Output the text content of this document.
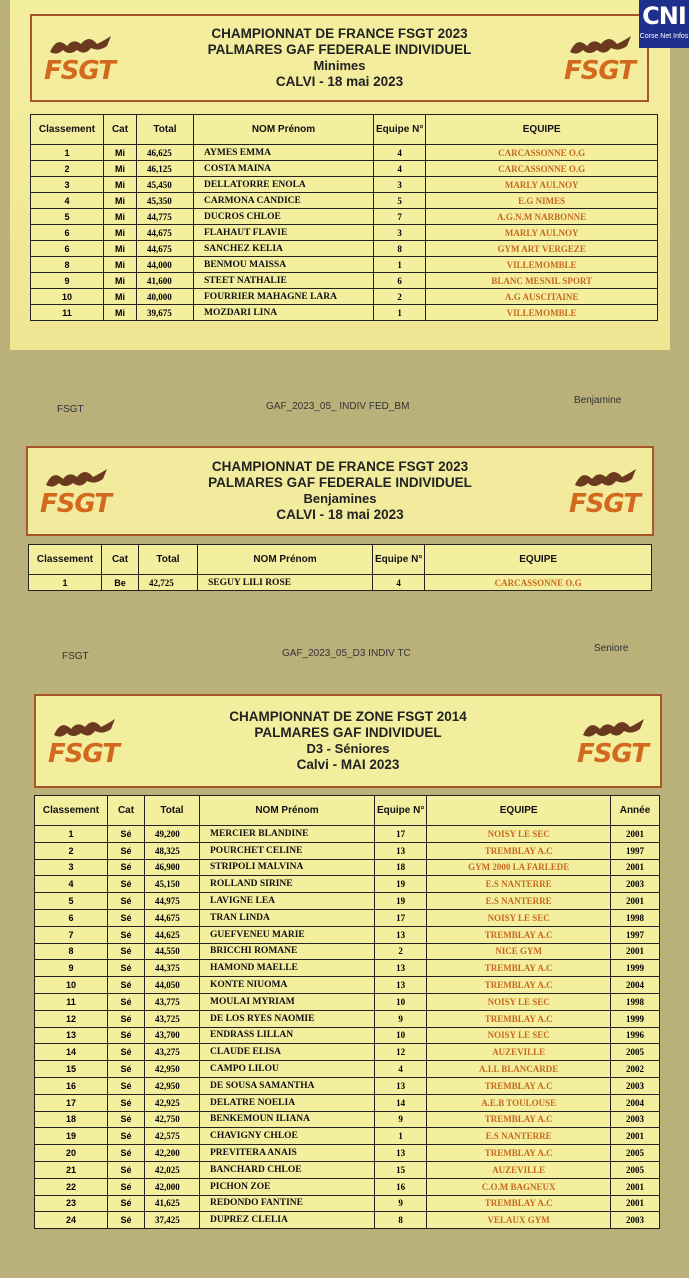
FSGT
CHAMPIONNAT DE FRANCE FSGT 2023
PALMARES GAF FEDERALE INDIVIDUEL
Minimes
CALVI - 18 mai 2023	FSGT
Classement	Cat	Total	NOM Prénom	Equipe N°	EQUIPE
1	Mi	46,625	AYMES EMMA	4	CARCASSONNE O.G
2	Mi	46,125	COSTA MAINA	4	CARCASSONNE O.G
3	Mi	45,450	DELLATORRE ENOLA	3	MARLY AULNOY
4	Mi	45,350	CARMONA CANDICE	5	E.G NIMES
5	Mi	44,775	DUCROS CHLOE	7	A.G.N.M NARBONNE
6	Mi	44,675	FLAHAUT FLAVIE	3	MARLY AULNOY
6	Mi	44,675	SANCHEZ KELIA	8	GYM ART VERGEZE
8	Mi	44,000	BENMOU MAISSA	1	VILLEMOMBLE
9	Mi	41,600	STEET NATHALIE	6	BLANC MESNIL SPORT
10	Mi	40,000	FOURRIER MAHAGNE LARA	2	A.G AUSCITAINE
11	Mi	39,675	MOZDARI LINA	1	VILLEMOMBLE
FSGT	GAF_2023_05_ INDIV FED_BM
Benjamine
FSGT
CHAMPIONNAT DE FRANCE FSGT 2023
PALMARES GAF FEDERALE INDIVIDUEL
Benjamines
CALVI - 18 mai 2023	FSGT
Classement	Cat	Total	NOM Prénom	Equipe N°	EQUIPE
1	Be	42,725	SEGUY LILI ROSE	4	CARCASSONNE O.G
FSGT	GAF_2023_05_D3 INDIV TC	Seniore
FSGT
CHAMPIONNAT DE ZONE FSGT 2014
PALMARES GAF INDIVIDUEL
D3 - Séniores
Calvi - MAI 2023	FSGT
Classement	Cat	Total	NOM Prénom	Equipe N°	EQUIPE	Année
1	Sé	49,200	MERCIER BLANDINE	17	NOISY LE SEC	2001
2	Sé	48,325	POURCHET CELINE	13	TREMBLAY A.C	1997
3	Sé	46,900	STRIPOLI MALVINA	18	GYM 2000 LA FARLEDE	2001
4	Sé	45,150	ROLLAND SIRINE	19	E.S NANTERRE	2003
5	Sé	44,975	LAVIGNE LEA	19	E.S NANTERRE	2001
6	Sé	44,675	TRAN LINDA	17	NOISY LE SEC	1998
7	Sé	44,625	GUEFVENEU MARIE	13	TREMBLAY A.C	1997
8	Sé	44,550	BRICCHI ROMANE	2	NICE GYM	2001
9	Sé	44,375	HAMOND MAELLE	13	TREMBLAY A.C	1999
10	Sé	44,050	KONTE NIUOMA	13	TREMBLAY A.C	2004
11	Sé	43,775	MOULAI MYRIAM	10	NOISY LE SEC	1998
12	Sé	43,725	DE LOS RYES NAOMIE	9	TREMBLAY A.C	1999
13	Sé	43,700	ENDRASS LILLAN	10	NOISY LE SEC	1996
14	Sé	43,275	CLAUDE ELISA	12	AUZEVILLE	2005
15	Sé	42,950	CAMPO LILOU	4	A.I.L BLANCARDE	2002
16	Sé	42,950	DE SOUSA SAMANTHA	13	TREMBLAY A.C	2003
17	Sé	42,925	DELATRE NOELIA	14	A.E.B TOULOUSE	2004
18	Sé	42,750	BENKEMOUN ILIANA	9	TREMBLAY A.C	2003
19	Sé	42,575	CHAVIGNY CHLOE	1	E.S NANTERRE	2001
20	Sé	42,200	PREVITERA ANAIS	13	TREMBLAY A.C	2005
21	Sé	42,025	BANCHARD CHLOE	15	AUZEVILLE	2005
22	Sé	42,000	PICHON ZOE	16	C.O.M BAGNEUX	2001
23	Sé	41,625	REDONDO FANTINE	9	TREMBLAY A.C	2001
24	Sé	37,425	DUPREZ CLELIA	8	VELAUX GYM	2003
CNI
Corse Net Infos
